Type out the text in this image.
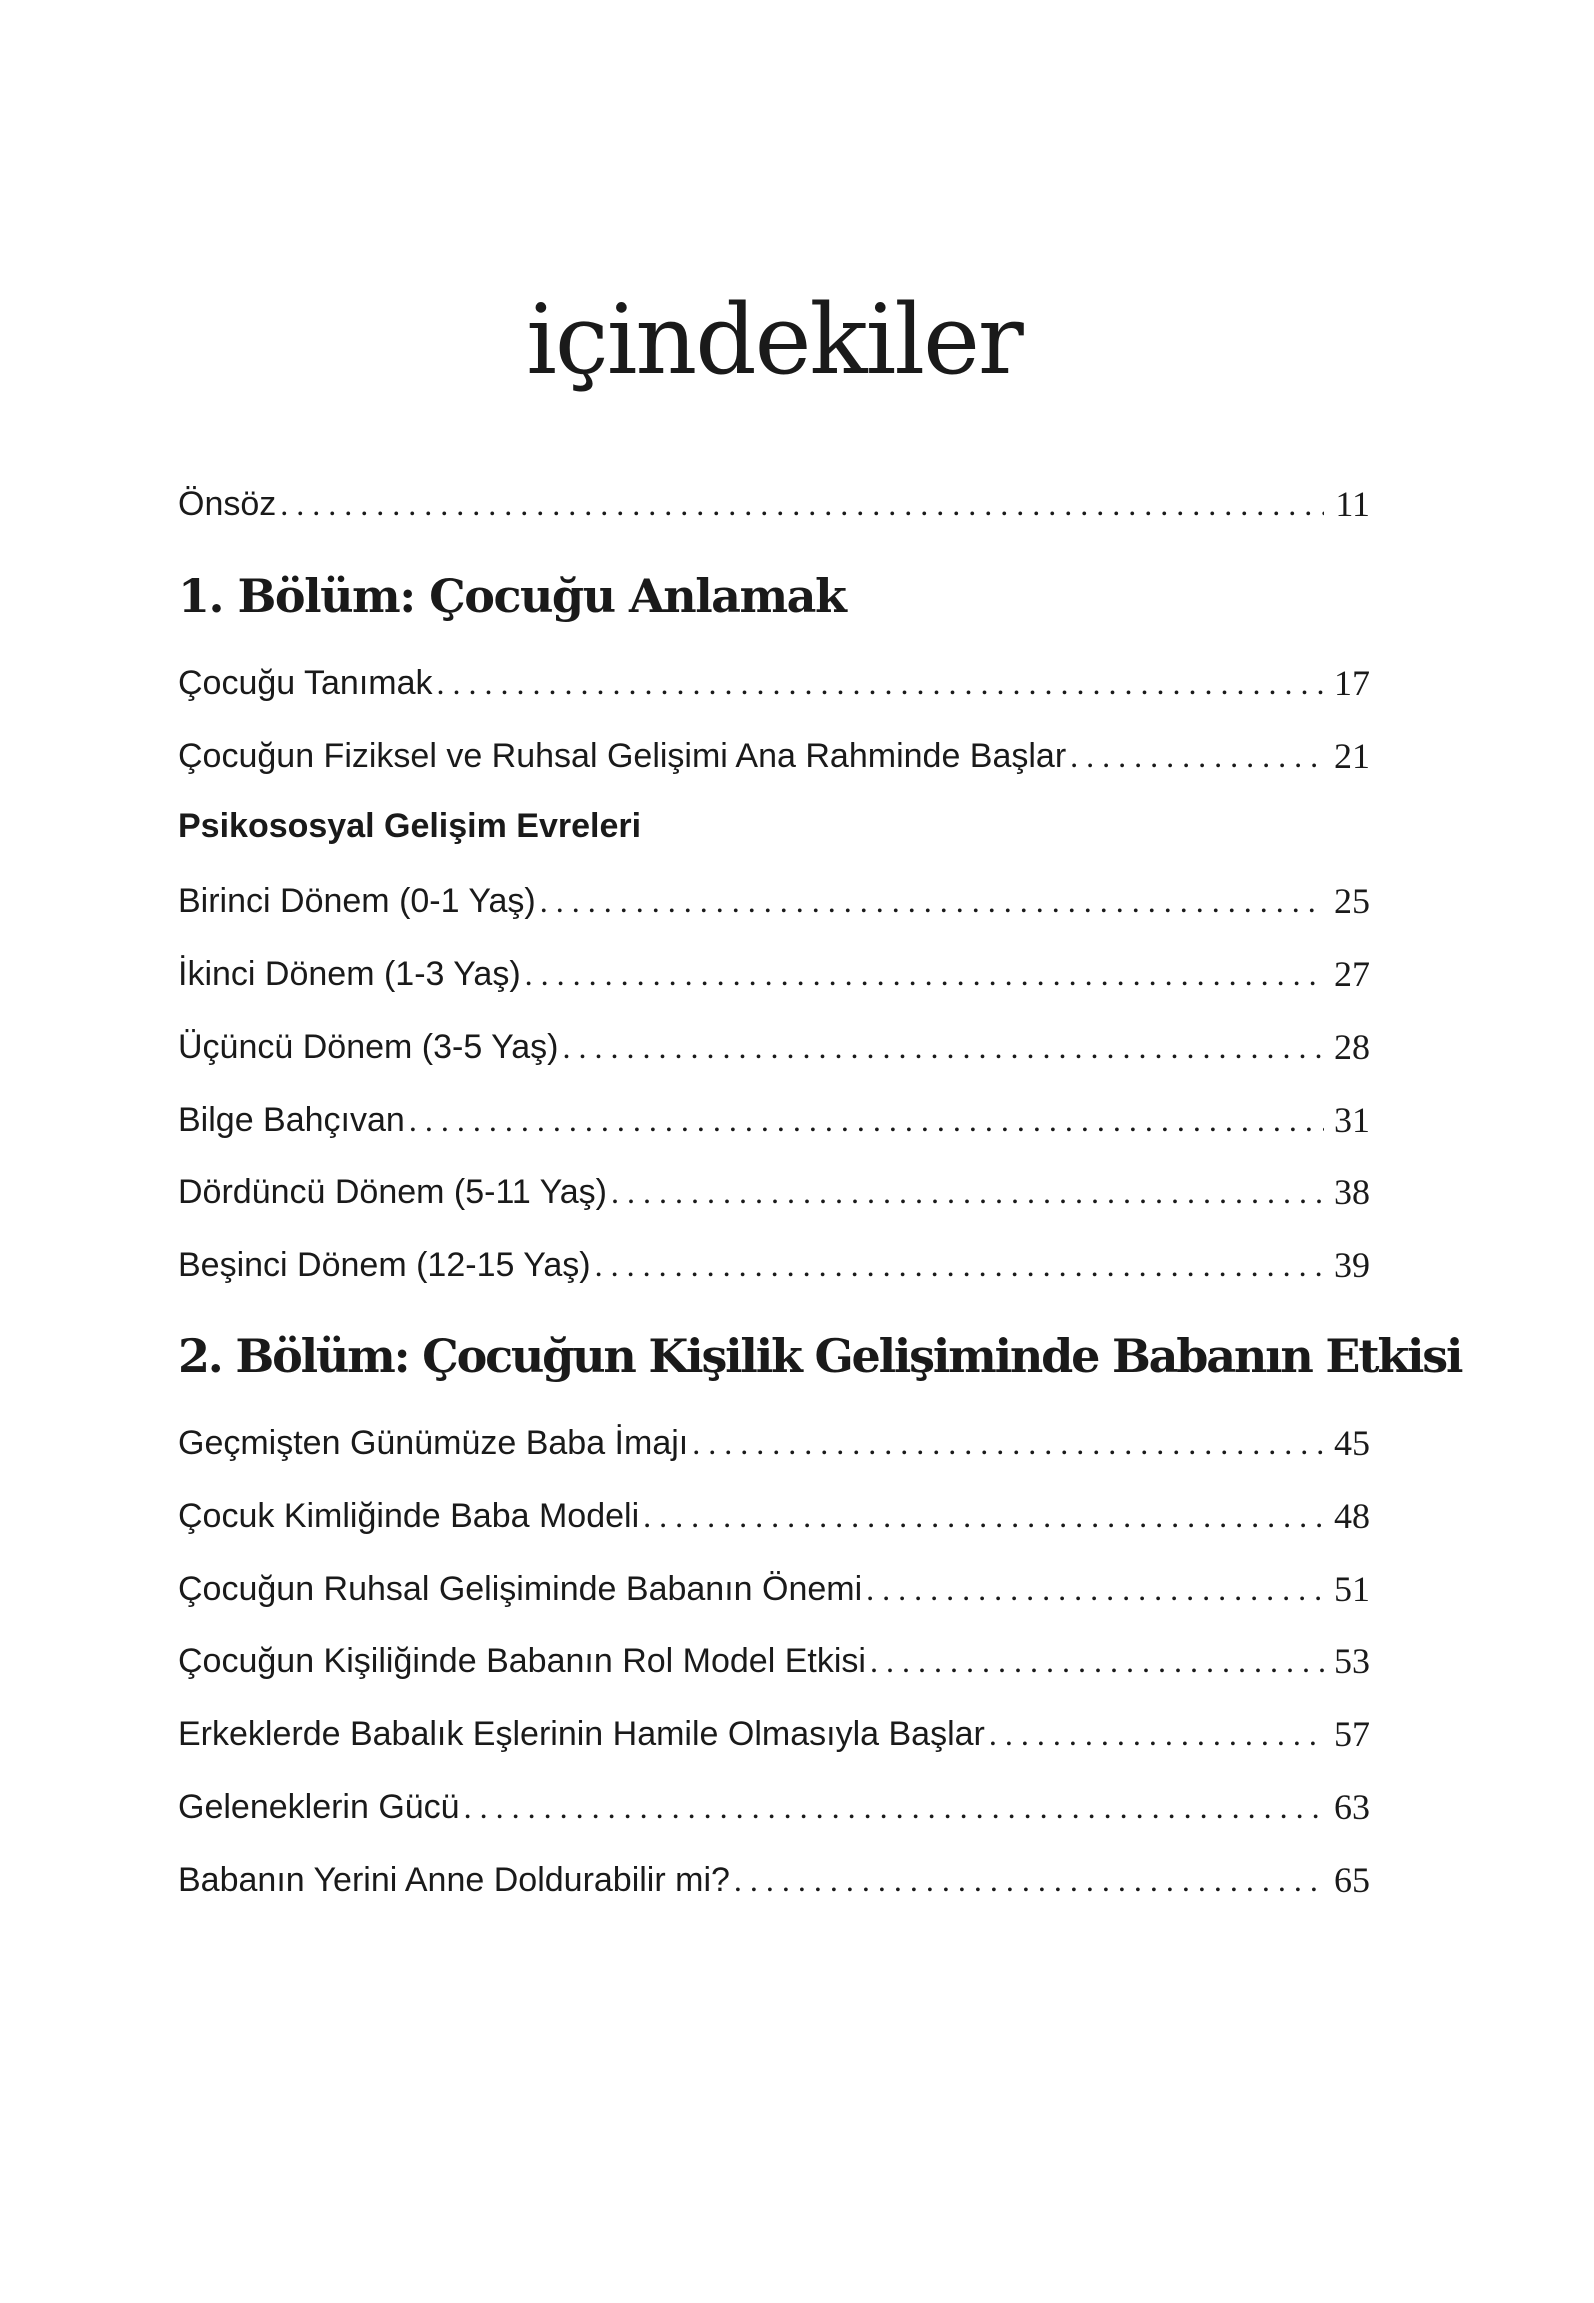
içindekiler
Önsöz . . .	11
1. Bölüm: Çocuğu Anlamak
Çocuğu Tanımak . . .	17
Çocuğun Fiziksel ve Ruhsal Gelişimi Ana Rahminde Başlar . . .	21
Psikososyal Gelişim Evreleri
Birinci Dönem (0-1 Yaş) . . .	25
İkinci Dönem (1-3 Yaş) . . .	27
Üçüncü Dönem (3-5 Yaş) . . .	28
Bilge Bahçıvan . . .	31
Dördüncü Dönem (5-11 Yaş) . . .	38
Beşinci Dönem (12-15 Yaş) . . .	39
2. Bölüm: Çocuğun Kişilik Gelişiminde Babanın Etkisi
Geçmişten Günümüze Baba İmajı . . .	45
Çocuk Kimliğinde Baba Modeli . . .	48
Çocuğun Ruhsal Gelişiminde Babanın Önemi . . .	51
Çocuğun Kişiliğinde Babanın Rol Model Etkisi . . .	53
Erkeklerde Babalık Eşlerinin Hamile Olmasıyla Başlar . . .	57
Geleneklerin Gücü . . .	63
Babanın Yerini Anne Doldurabilir mi? . . .	65
